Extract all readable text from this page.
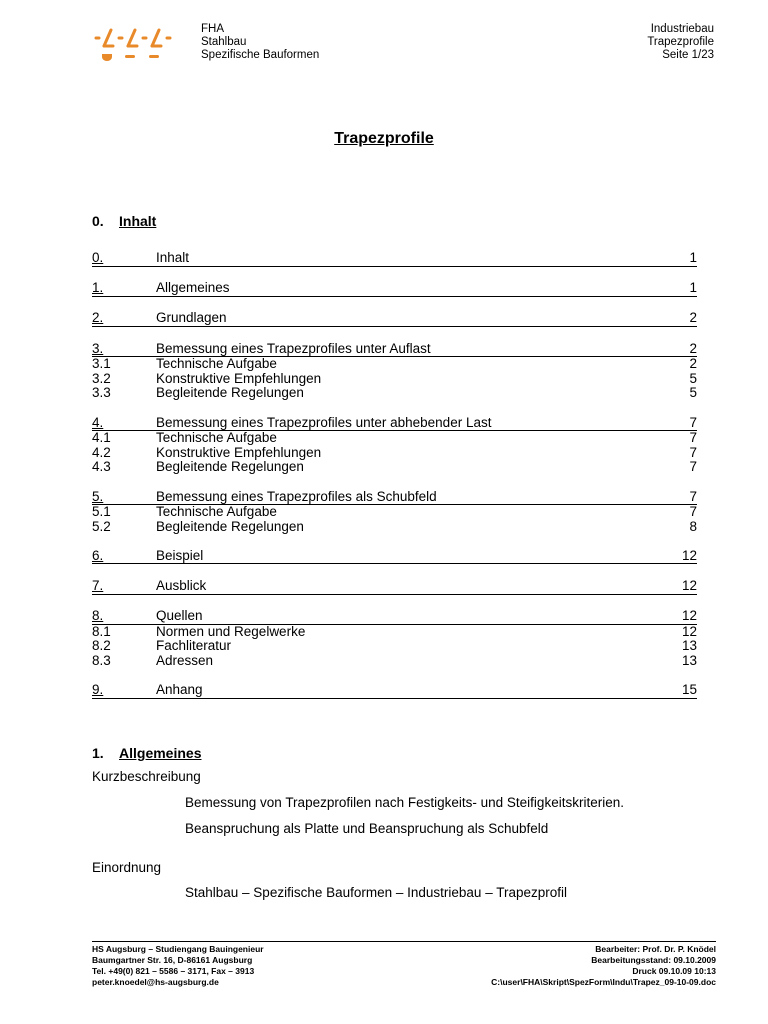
FHA
Stahlbau
Spezifische Bauformen
Industriebau
Trapezprofile
Seite 1/23
Trapezprofile
0. Inhalt
0.	Inhalt	1
1.	Allgemeines	1
2.	Grundlagen	2
3.	Bemessung eines Trapezprofiles unter Auflast	2
3.1	Technische Aufgabe	2
3.2	Konstruktive Empfehlungen	5
3.3	Begleitende Regelungen	5
4.	Bemessung eines Trapezprofiles unter abhebender Last	7
4.1	Technische Aufgabe	7
4.2	Konstruktive Empfehlungen	7
4.3	Begleitende Regelungen	7
5.	Bemessung eines Trapezprofiles als Schubfeld	7
5.1	Technische Aufgabe	7
5.2	Begleitende Regelungen	8
6.	Beispiel	12
7.	Ausblick	12
8.	Quellen	12
8.1	Normen und Regelwerke	12
8.2	Fachliteratur	13
8.3	Adressen	13
9.	Anhang	15
1. Allgemeines
Kurzbeschreibung
Bemessung von Trapezprofilen nach Festigkeits- und Steifigkeitskriterien.
Beanspruchung als Platte und Beanspruchung als Schubfeld
Einordnung
Stahlbau – Spezifische Bauformen – Industriebau – Trapezprofil
HS Augsburg – Studiengang Bauingenieur
Baumgartner Str. 16, D-86161 Augsburg
Tel. +49(0) 821 – 5586 – 3171, Fax – 3913
peter.knoedel@hs-augsburg.de
Bearbeiter: Prof. Dr. P. Knödel
Bearbeitungsstand: 09.10.2009
Druck 09.10.09 10:13
C:\user\FHA\Skript\SpezForm\Indu\Trapez_09-10-09.doc
